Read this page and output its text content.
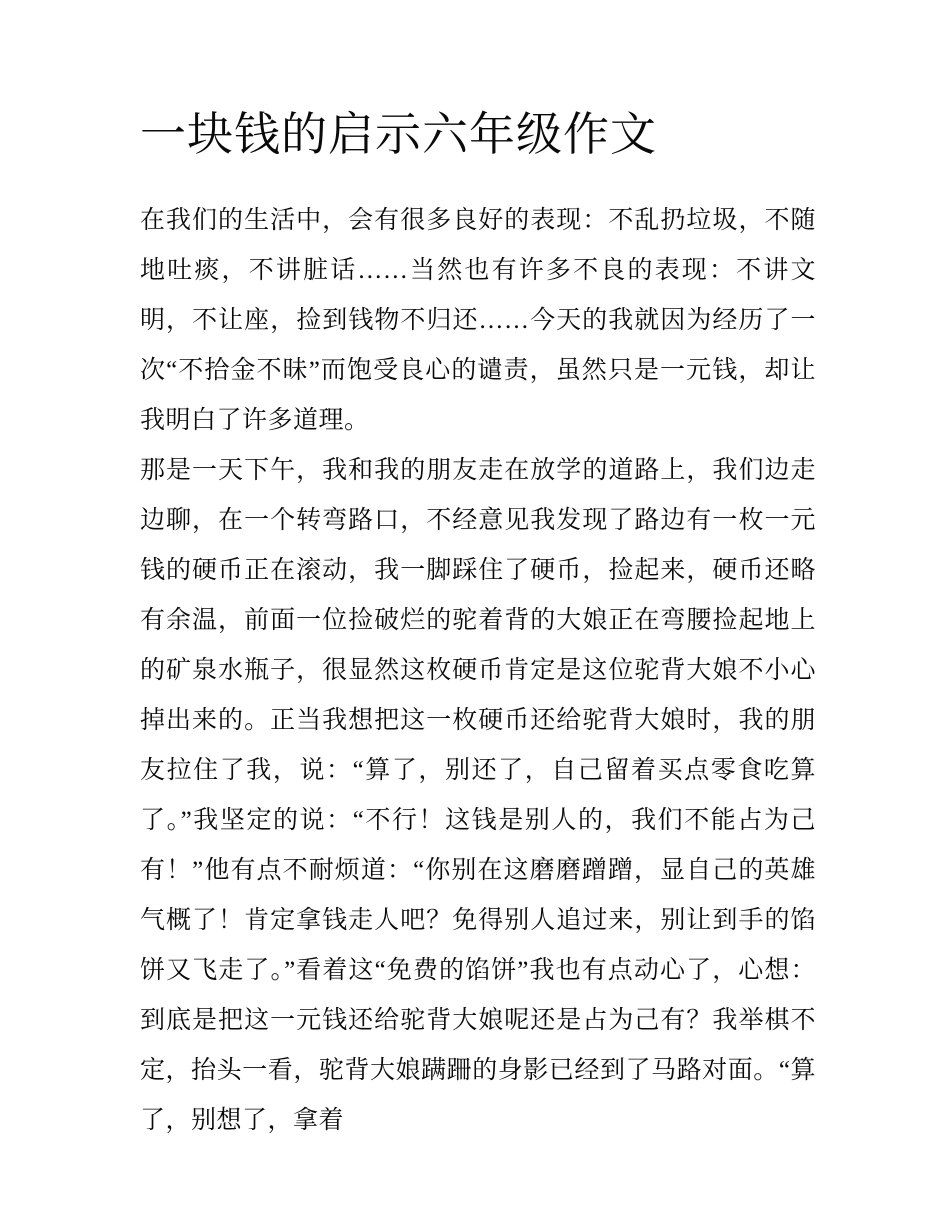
一块钱的启示六年级作文

在我们的生活中，会有很多良好的表现：不乱扔垃圾，不随地吐痰，不讲脏话……当然也有许多不良的表现：不讲文明，不让座，捡到钱物不归还……今天的我就因为经历了一次“不拾金不昧”而饱受良心的谴责，虽然只是一元钱，却让我明白了许多道理。

那是一天下午，我和我的朋友走在放学的道路上，我们边走边聊，在一个转弯路口，不经意见我发现了路边有一枚一元钱的硬币正在滚动，我一脚踩住了硬币，捡起来，硬币还略有余温，前面一位捡破烂的驼着背的大娘正在弯腰捡起地上的矿泉水瓶子，很显然这枚硬币肯定是这位驼背大娘不小心掉出来的。正当我想把这一枚硬币还给驼背大娘时，我的朋友拉住了我，说：“算了，别还了，自己留着买点零食吃算了。”我坚定的说：“不行！这钱是别人的，我们不能占为己有！”他有点不耐烦道：“你别在这磨磨蹭蹭，显自己的英雄气概了！肯定拿钱走人吧？免得别人追过来，别让到手的馅饼又飞走了。”看着这“免费的馅饼”我也有点动心了，心想：到底是把这一元钱还给驼背大娘呢还是占为己有？我举棋不定，抬头一看，驼背大娘蹒跚的身影已经到了马路对面。“算了，别想了，拿着
